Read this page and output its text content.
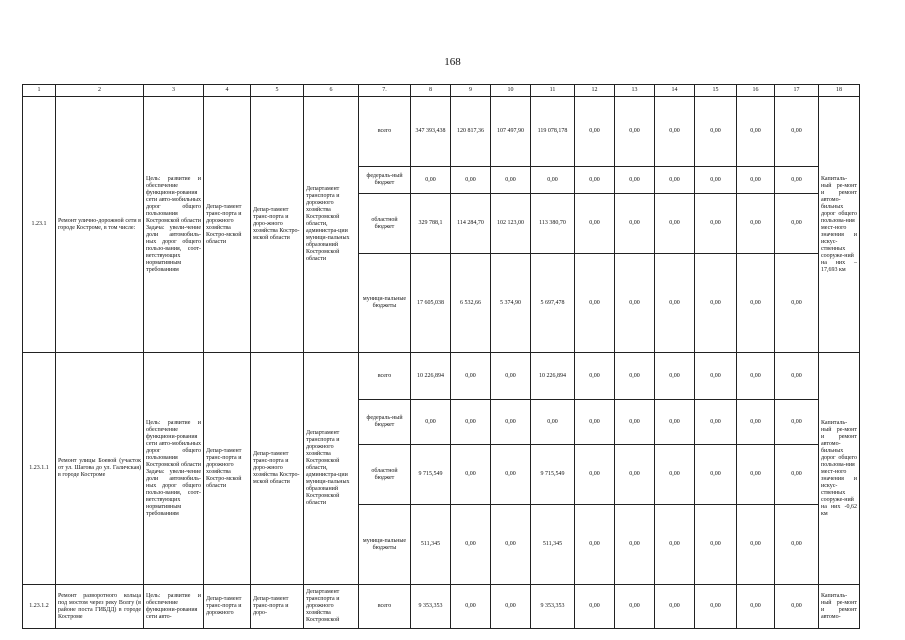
168
1	2	3	4	5	6	7.	8	9	10	11	12	13	14	15	16	17	18
1.23.1	Ремонт улично-дорожной сети в городе Костроме, в том числе:	Цель: развитие и обеспечение функциони-рования сети авто-мобильных дорог общего пользования Костромской области Задача: увели-чение доли автомобиль-ных дорог общего пользо-вания, соот-ветствующих нормативным требованиям	Депар-тамент транс-порта и дорожного хозяйства Костро-мской области	Депар-тамент транс-порта и доро-жного хозяйства Костро-мской области	Департамент транспорта и дорожного хозяйства Костромской области, администра-ции муници-пальных образований Костромской области	всего	347 393,438	120 817,36	107 497,90	119 078,178	0,00	0,00	0,00	0,00	0,00	0,00	Капиталь-ный ре-монт и ремонт автомо-бильных дорог общего пользова-ния мест-ного значения и искус-ственных сооруже-ний на них – 17,693 км
						федераль-ный бюджет	0,00	0,00	0,00	0,00	0,00	0,00	0,00	0,00	0,00	0,00	
						областной бюджет	329 788,1	114 284,70	102 123,00	113 380,70	0,00	0,00	0,00	0,00	0,00	0,00	
						муници-пальные бюджеты	17 605,038	6 532,66	5 374,90	5 697,478	0,00	0,00	0,00	0,00	0,00	0,00	
1.23.1.1	Ремонт улицы Боевой (участок от ул. Шагова до ул. Галичская) в городе Костроме	Цель: развитие и обеспечение функциони-рования сети авто-мобильных дорог общего пользования Костромской области Задача: увели-чение доли автомобиль-ных дорог общего пользо-вания, соот-ветствующих нормативным требованиям	Депар-тамент транс-порта и дорожного хозяйства Костро-мской области	Депар-тамент транс-порта и доро-жного хозяйства Костро-мской области	Департамент транспорта и дорожного хозяйства Костромской области, администра-ции муници-пальных образований Костромской области	всего	10 226,894	0,00	0,00	10 226,894	0,00	0,00	0,00	0,00	0,00	0,00	Капиталь-ный ре-монт и ремонт автомо-бильных дорог общего пользова-ния мест-ного значения и искус-ственных сооруже-ний на них -0,62 км
						федераль-ный бюджет	0,00	0,00	0,00	0,00	0,00	0,00	0,00	0,00	0,00	0,00	
						областной бюджет	9 715,549	0,00	0,00	9 715,549	0,00	0,00	0,00	0,00	0,00	0,00	
						муници-пальные бюджеты	511,345	0,00	0,00	511,345	0,00	0,00	0,00	0,00	0,00	0,00	

1.23.1.2	Ремонт разворотного кольца под мостом через реку Волгу (в районе поста ГИБДД) в городе Костроме	Цель: развитие и обеспечение функциони-рования сети авто-	Депар-тамент транс-порта и дорожного	Депар-тамент транс-порта и доро-	Департамент транспорта и дорожного хозяйства Костромской	всего	9 353,353	0,00	0,00	9 353,353	0,00	0,00	0,00	0,00	0,00	0,00	Капиталь-ный ре-монт и ремонт автомо-
